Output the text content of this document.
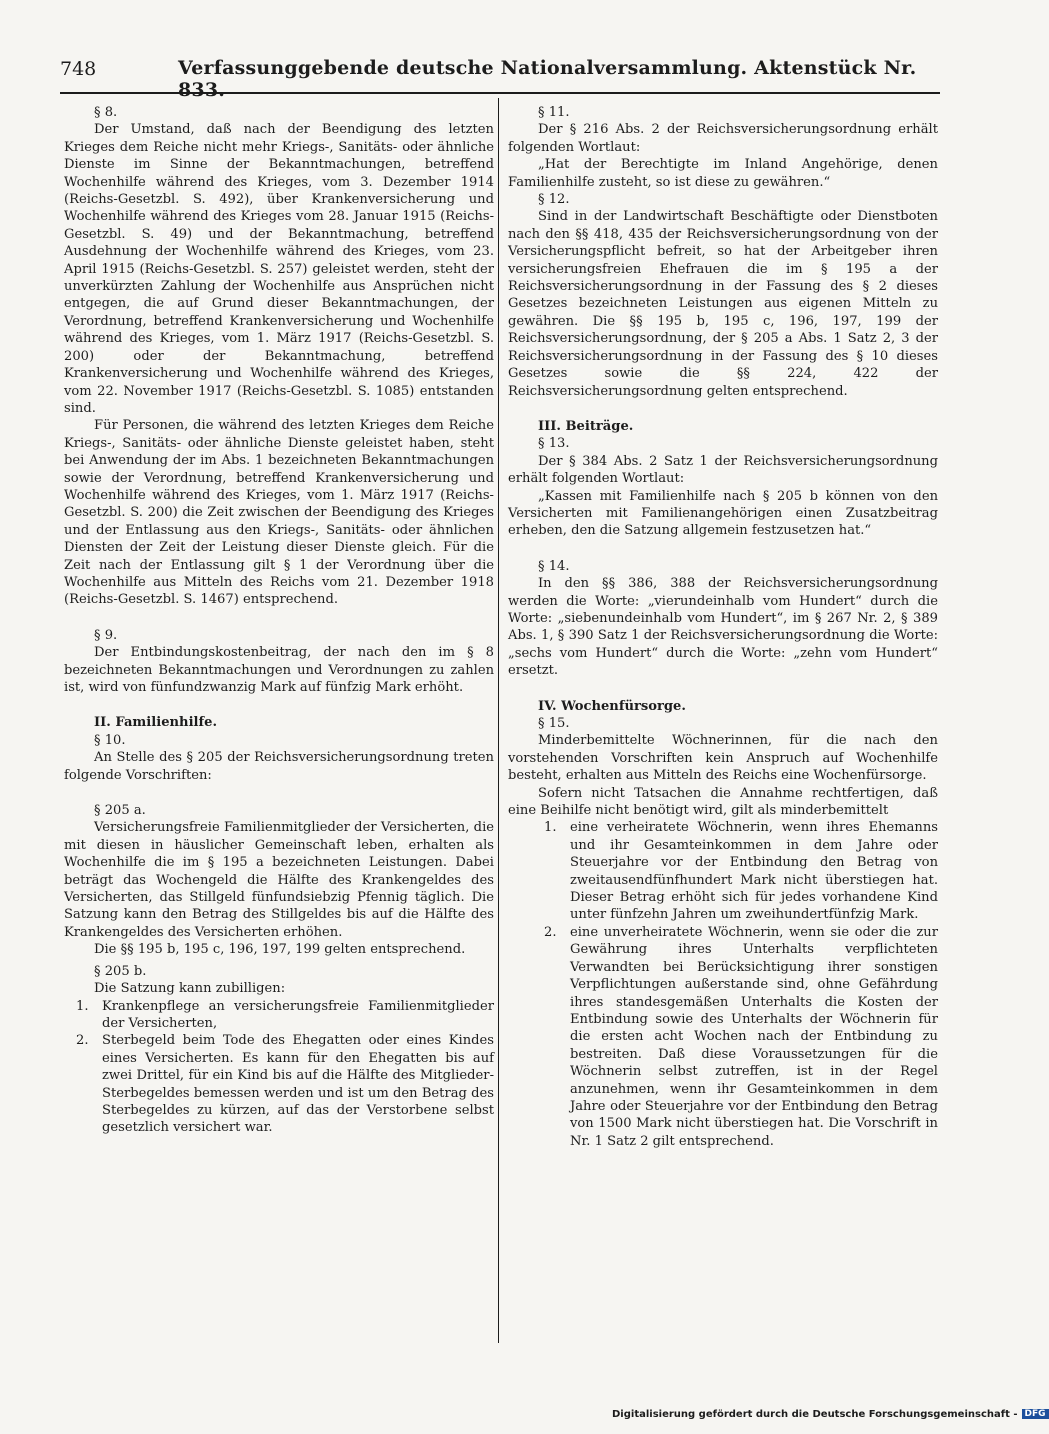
748	Verfassunggebende deutsche Nationalversammlung. Aktenstück Nr. 833.

§ 8.

Der Umstand, daß nach der Beendigung des letzten Krieges dem Reiche nicht mehr Kriegs-, Sanitäts- oder ähnliche Dienste im Sinne der Bekanntmachungen, betreffend Wochenhilfe während des Krieges, vom 3. Dezember 1914 (Reichs-Gesetzbl. S. 492), über Krankenversicherung und Wochenhilfe während des Krieges vom 28. Januar 1915 (Reichs-Gesetzbl. S. 49) und der Bekanntmachung, betreffend Ausdehnung der Wochenhilfe während des Krieges, vom 23. April 1915 (Reichs-Gesetzbl. S. 257) geleistet werden, steht der unverkürzten Zahlung der Wochenhilfe aus Ansprüchen nicht entgegen, die auf Grund dieser Bekanntmachungen, der Verordnung, betreffend Krankenversicherung und Wochenhilfe während des Krieges, vom 1. März 1917 (Reichs-Gesetzbl. S. 200) oder der Bekanntmachung, betreffend Krankenversicherung und Wochenhilfe während des Krieges, vom 22. November 1917 (Reichs-Gesetzbl. S. 1085) entstanden sind.

Für Personen, die während des letzten Krieges dem Reiche Kriegs-, Sanitäts- oder ähnliche Dienste geleistet haben, steht bei Anwendung der im Abs. 1 bezeichneten Bekanntmachungen sowie der Verordnung, betreffend Krankenversicherung und Wochenhilfe während des Krieges, vom 1. März 1917 (Reichs-Gesetzbl. S. 200) die Zeit zwischen der Beendigung des Krieges und der Entlassung aus den Kriegs-, Sanitäts- oder ähnlichen Diensten der Zeit der Leistung dieser Dienste gleich. Für die Zeit nach der Entlassung gilt § 1 der Verordnung über die Wochenhilfe aus Mitteln des Reichs vom 21. Dezember 1918 (Reichs-Gesetzbl. S. 1467) entsprechend.

§ 9.

Der Entbindungskostenbeitrag, der nach den im § 8 bezeichneten Bekanntmachungen und Verordnungen zu zahlen ist, wird von fünfundzwanzig Mark auf fünfzig Mark erhöht.

II. Familienhilfe.

§ 10.

An Stelle des § 205 der Reichsversicherungsordnung treten folgende Vorschriften:

§ 205 a.

Versicherungsfreie Familienmitglieder der Versicherten, die mit diesen in häuslicher Gemeinschaft leben, erhalten als Wochenhilfe die im § 195 a bezeichneten Leistungen. Dabei beträgt das Wochengeld die Hälfte des Krankengeldes des Versicherten, das Stillgeld fünfundsiebzig Pfennig täglich. Die Satzung kann den Betrag des Stillgeldes bis auf die Hälfte des Krankengeldes des Versicherten erhöhen.

Die §§ 195 b, 195 c, 196, 197, 199 gelten entsprechend.

§ 205 b.

Die Satzung kann zubilligen:

1. Krankenpflege an versicherungsfreie Familienmitglieder der Versicherten,
2. Sterbegeld beim Tode des Ehegatten oder eines Kindes eines Versicherten. Es kann für den Ehegatten bis auf zwei Drittel, für ein Kind bis auf die Hälfte des Mitglieder-Sterbegeldes bemessen werden und ist um den Betrag des Sterbegeldes zu kürzen, auf das der Verstorbene selbst gesetzlich versichert war.

§ 11.

Der § 216 Abs. 2 der Reichsversicherungsordnung erhält folgenden Wortlaut:

„Hat der Berechtigte im Inland Angehörige, denen Familienhilfe zusteht, so ist diese zu gewähren.“

§ 12.

Sind in der Landwirtschaft Beschäftigte oder Dienstboten nach den §§ 418, 435 der Reichsversicherungsordnung von der Versicherungspflicht befreit, so hat der Arbeitgeber ihren versicherungsfreien Ehefrauen die im § 195 a der Reichsversicherungsordnung in der Fassung des § 2 dieses Gesetzes bezeichneten Leistungen aus eigenen Mitteln zu gewähren. Die §§ 195 b, 195 c, 196, 197, 199 der Reichsversicherungsordnung, der § 205 a Abs. 1 Satz 2, 3 der Reichsversicherungsordnung in der Fassung des § 10 dieses Gesetzes sowie die §§ 224, 422 der Reichsversicherungsordnung gelten entsprechend.

III. Beiträge.

§ 13.

Der § 384 Abs. 2 Satz 1 der Reichsversicherungsordnung erhält folgenden Wortlaut:

„Kassen mit Familienhilfe nach § 205 b können von den Versicherten mit Familienangehörigen einen Zusatzbeitrag erheben, den die Satzung allgemein festzusetzen hat.“

§ 14.

In den §§ 386, 388 der Reichsversicherungsordnung werden die Worte: „vierundeinhalb vom Hundert“ durch die Worte: „siebenundeinhalb vom Hundert“, im § 267 Nr. 2, § 389 Abs. 1, § 390 Satz 1 der Reichsversicherungsordnung die Worte: „sechs vom Hundert“ durch die Worte: „zehn vom Hundert“ ersetzt.

IV. Wochenfürsorge.

§ 15.

Minderbemittelte Wöchnerinnen, für die nach den vorstehenden Vorschriften kein Anspruch auf Wochenhilfe besteht, erhalten aus Mitteln des Reichs eine Wochenfürsorge.

Sofern nicht Tatsachen die Annahme rechtfertigen, daß eine Beihilfe nicht benötigt wird, gilt als minderbemittelt

1. eine verheiratete Wöchnerin, wenn ihres Ehemanns und ihr Gesamteinkommen in dem Jahre oder Steuerjahre vor der Entbindung den Betrag von zweitausendfünfhundert Mark nicht überstiegen hat. Dieser Betrag erhöht sich für jedes vorhandene Kind unter fünfzehn Jahren um zweihundertfünfzig Mark.
2. eine unverheiratete Wöchnerin, wenn sie oder die zur Gewährung ihres Unterhalts verpflichteten Verwandten bei Berücksichtigung ihrer sonstigen Verpflichtungen außerstande sind, ohne Gefährdung ihres standesgemäßen Unterhalts die Kosten der Entbindung sowie des Unterhalts der Wöchnerin für die ersten acht Wochen nach der Entbindung zu bestreiten. Daß diese Voraussetzungen für die Wöchnerin selbst zutreffen, ist in der Regel anzunehmen, wenn ihr Gesamteinkommen in dem Jahre oder Steuerjahre vor der Entbindung den Betrag von 1500 Mark nicht überstiegen hat. Die Vorschrift in Nr. 1 Satz 2 gilt entsprechend.
Digitalisierung gefördert durch die Deutsche Forschungsgemeinschaft - DFG
